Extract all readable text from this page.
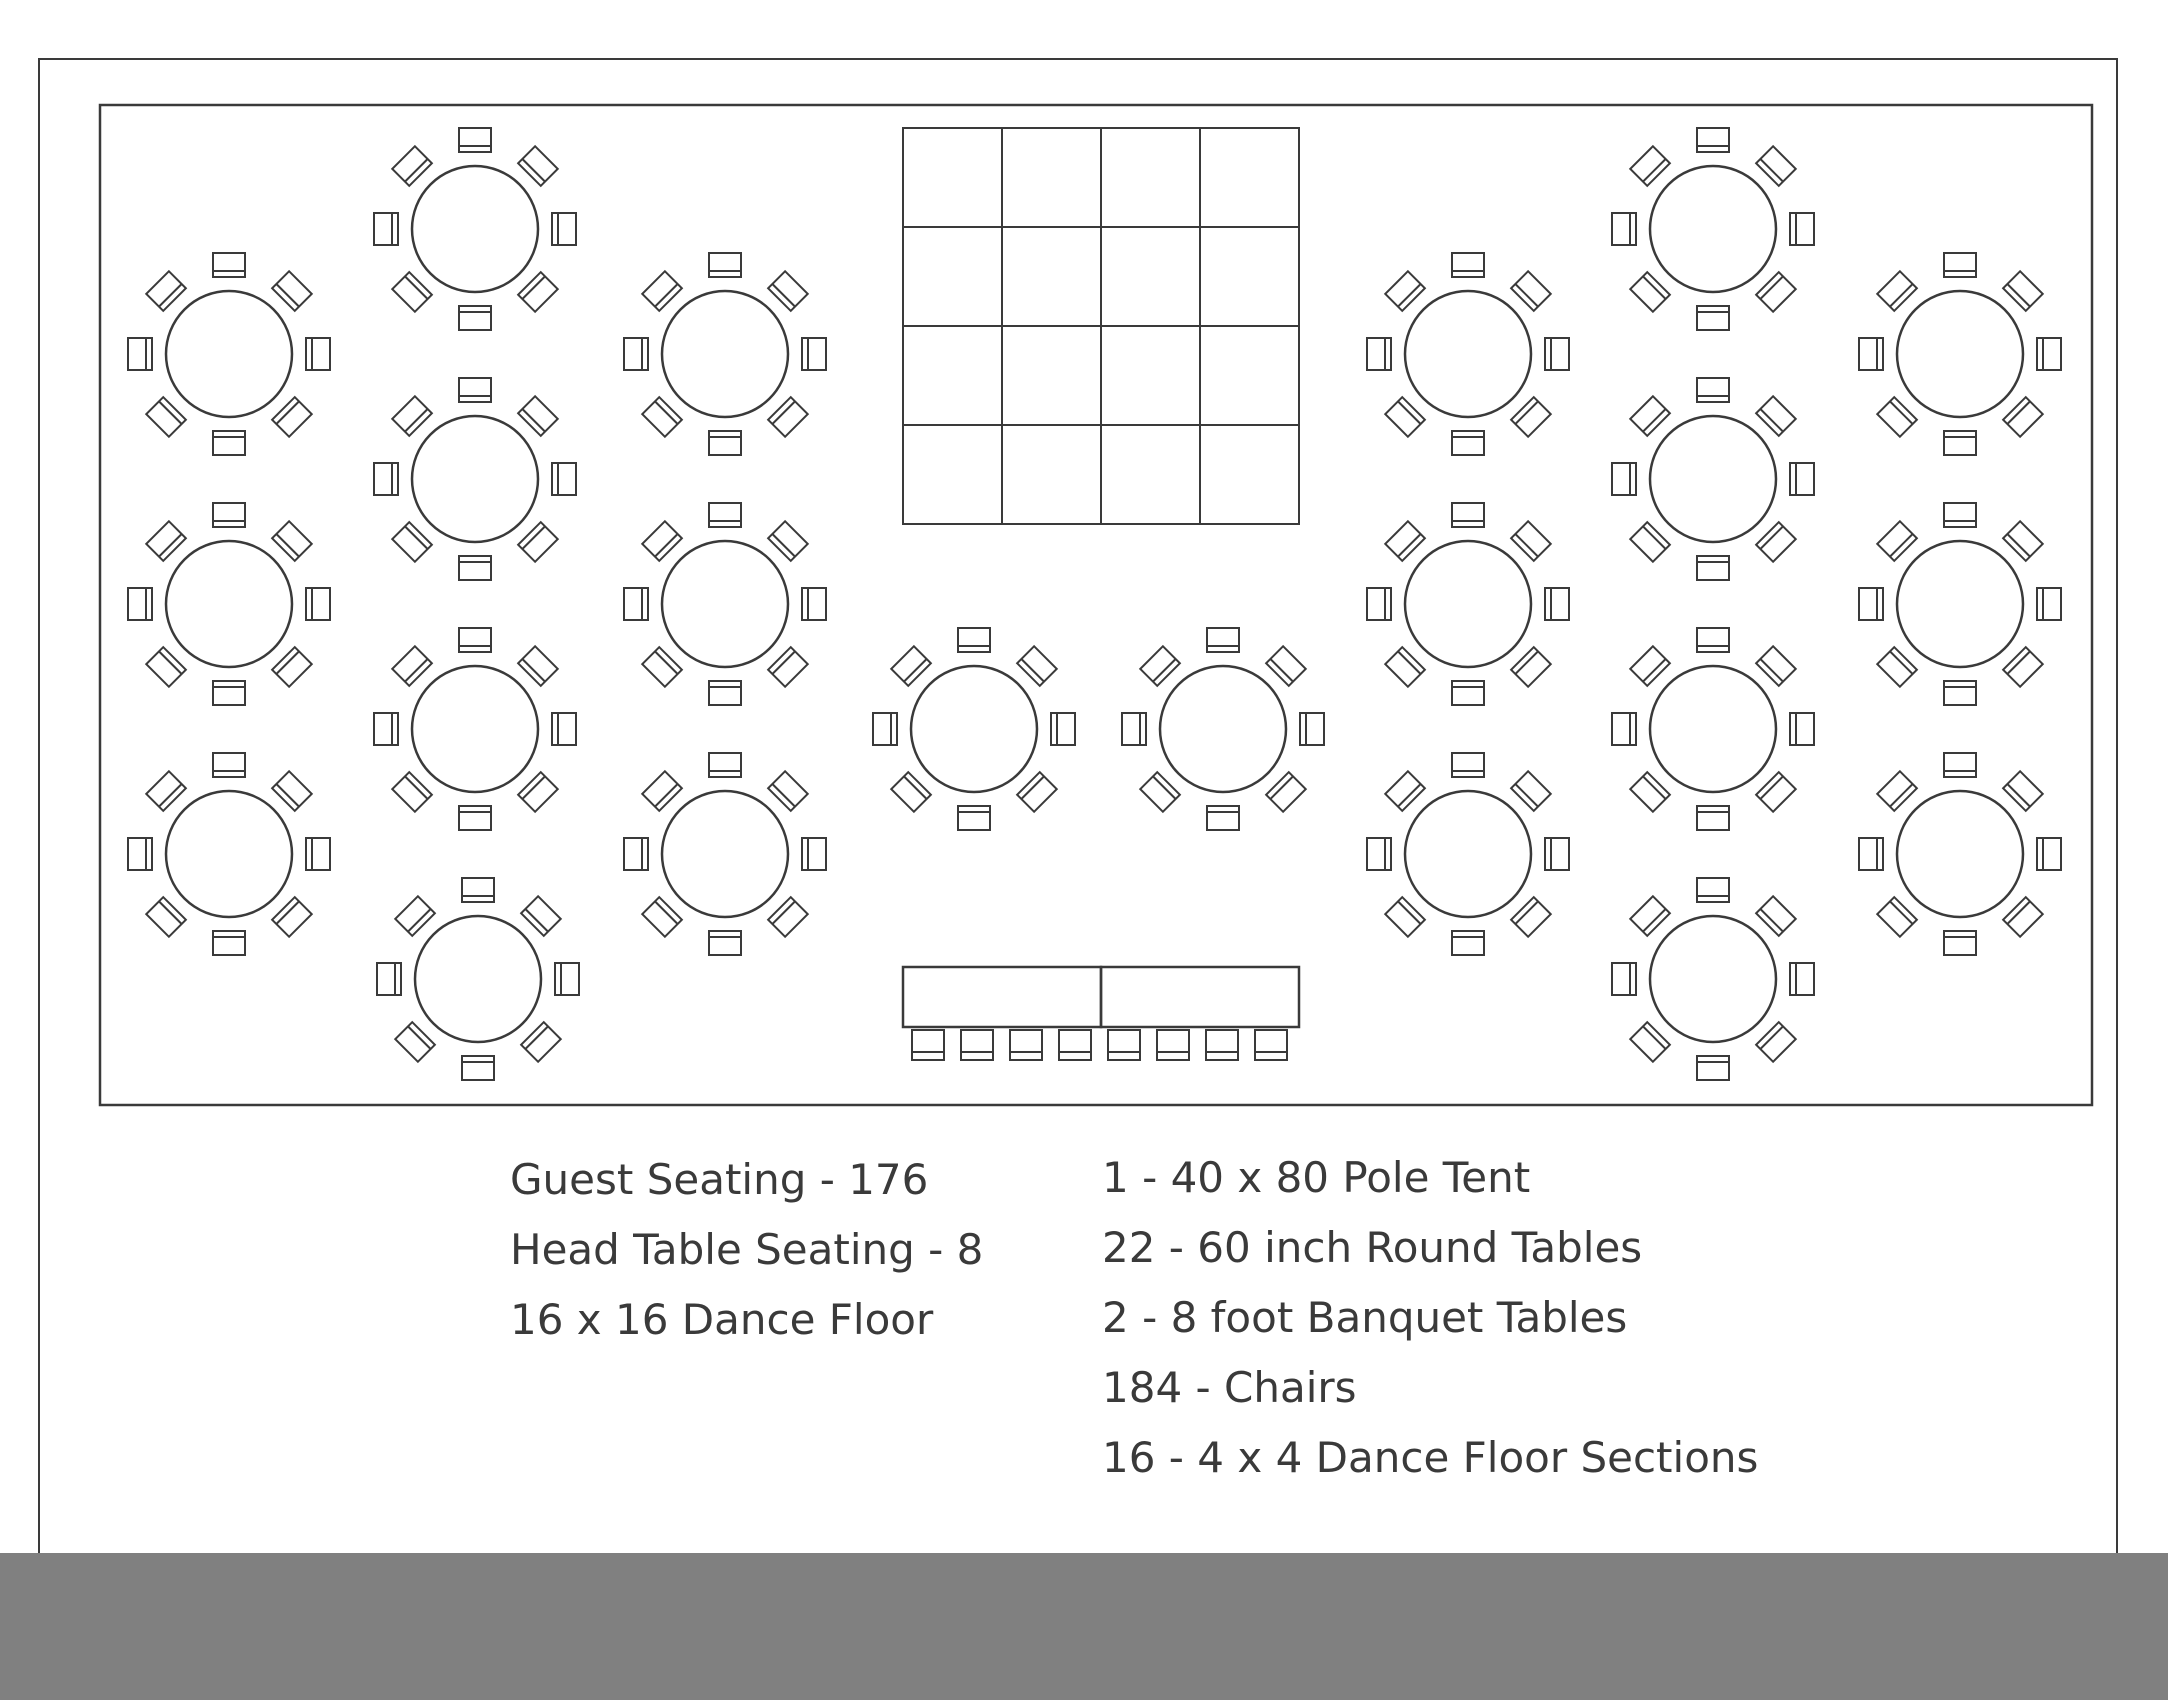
Guest Seating - 176
Head Table Seating - 8
16 x 16 Dance Floor
1 - 40 x 80 Pole Tent
22 - 60 inch Round Tables
2 - 8 foot Banquet Tables
184 - Chairs
16 - 4 x 4 Dance Floor Sections
